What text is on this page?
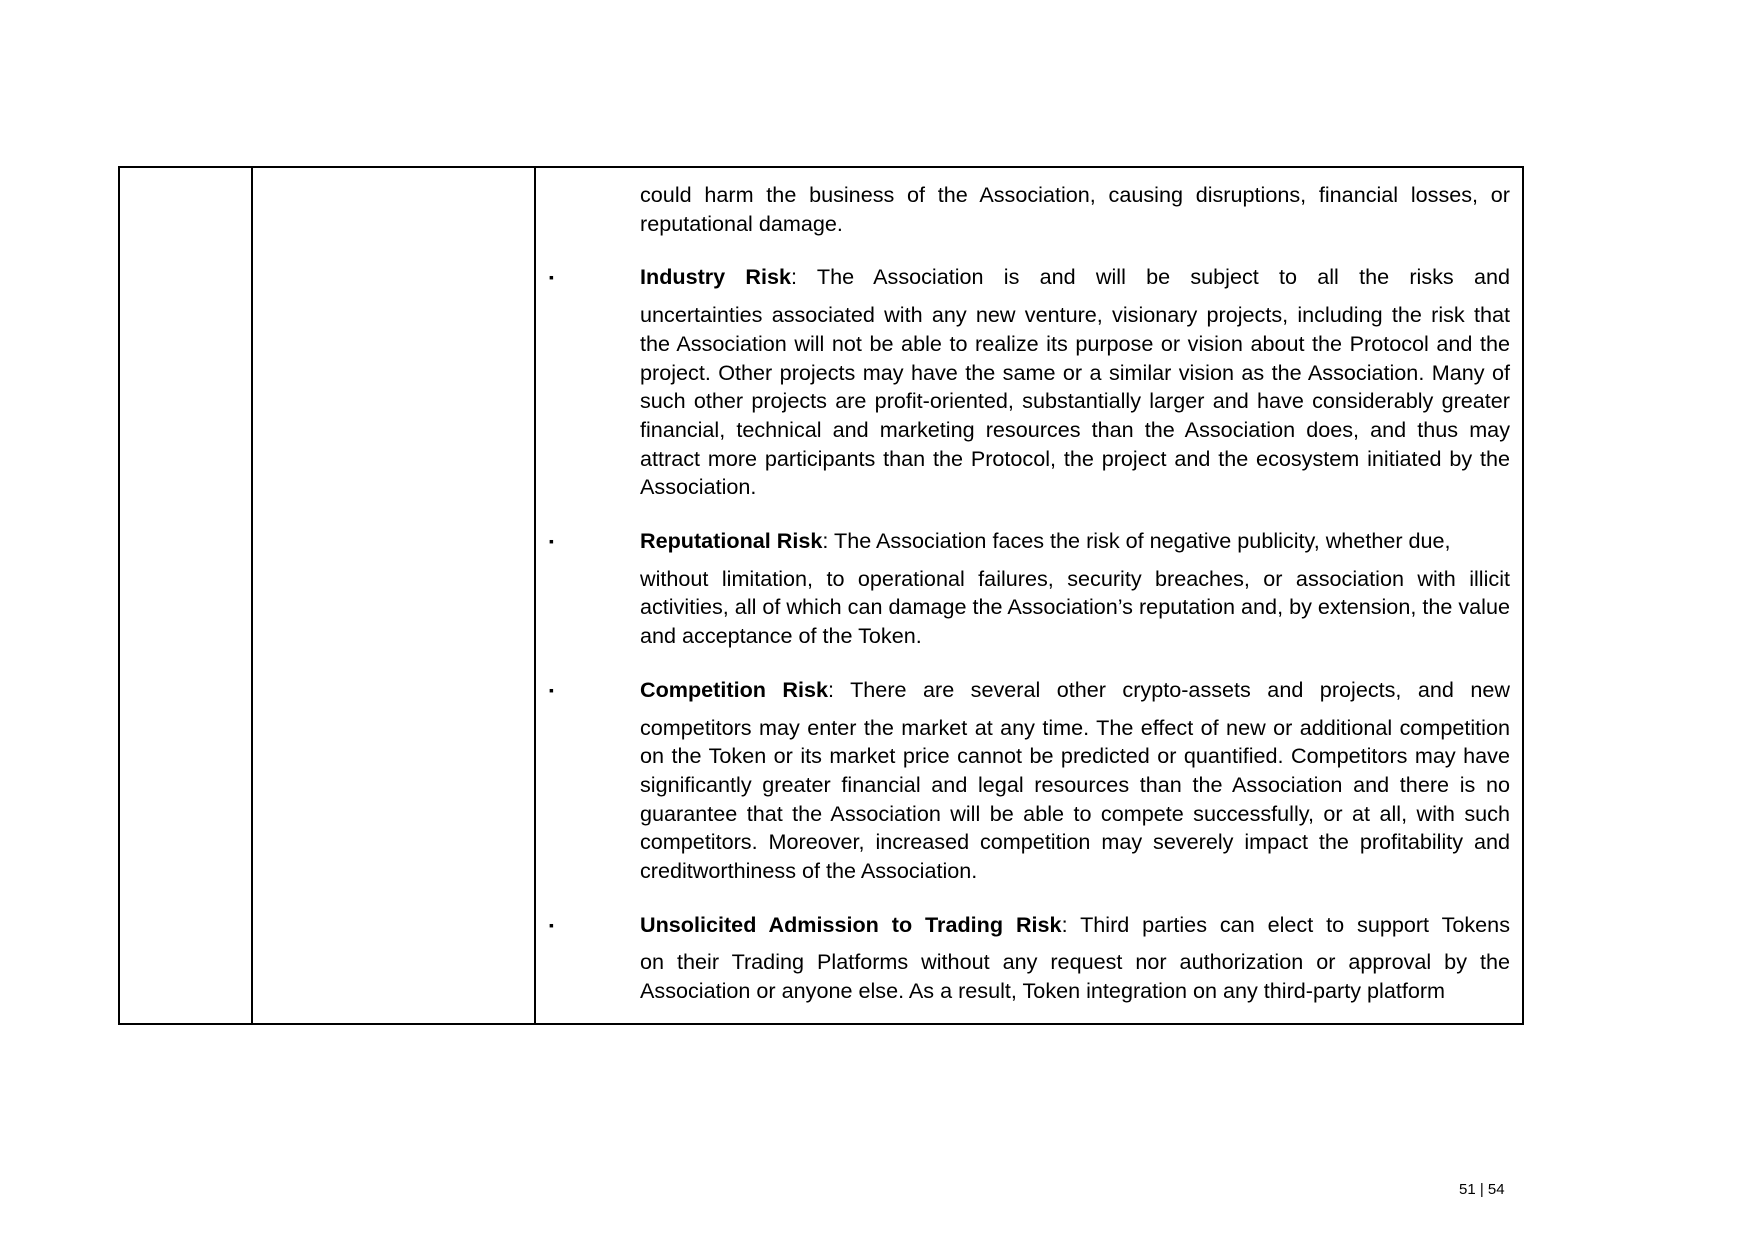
could harm the business of the Association, causing disruptions, financial losses, or reputational damage.
▪	Industry Risk: The Association is and will be subject to all the risks and
uncertainties associated with any new venture, visionary projects, including the risk that the Association will not be able to realize its purpose or vision about the Protocol and the project. Other projects may have the same or a similar vision as the Association. Many of such other projects are profit-oriented, substantially larger and have considerably greater financial, technical and marketing resources than the Association does, and thus may attract more participants than the Protocol, the project and the ecosystem initiated by the Association.
▪	Reputational Risk: The Association faces the risk of negative publicity, whether due,
without limitation, to operational failures, security breaches, or association with illicit activities, all of which can damage the Association’s reputation and, by extension, the value and acceptance of the Token.
▪	Competition Risk: There are several other crypto-assets and projects, and new
competitors may enter the market at any time. The effect of new or additional competition on the Token or its market price cannot be predicted or quantified. Competitors may have significantly greater financial and legal resources than the Association and there is no guarantee that the Association will be able to compete successfully, or at all, with such competitors. Moreover, increased competition may severely impact the profitability and creditworthiness of the Association.
▪	Unsolicited Admission to Trading Risk: Third parties can elect to support Tokens
on their Trading Platforms without any request nor authorization or approval by the Association or anyone else. As a result, Token integration on any third-party platform
51 | 54
